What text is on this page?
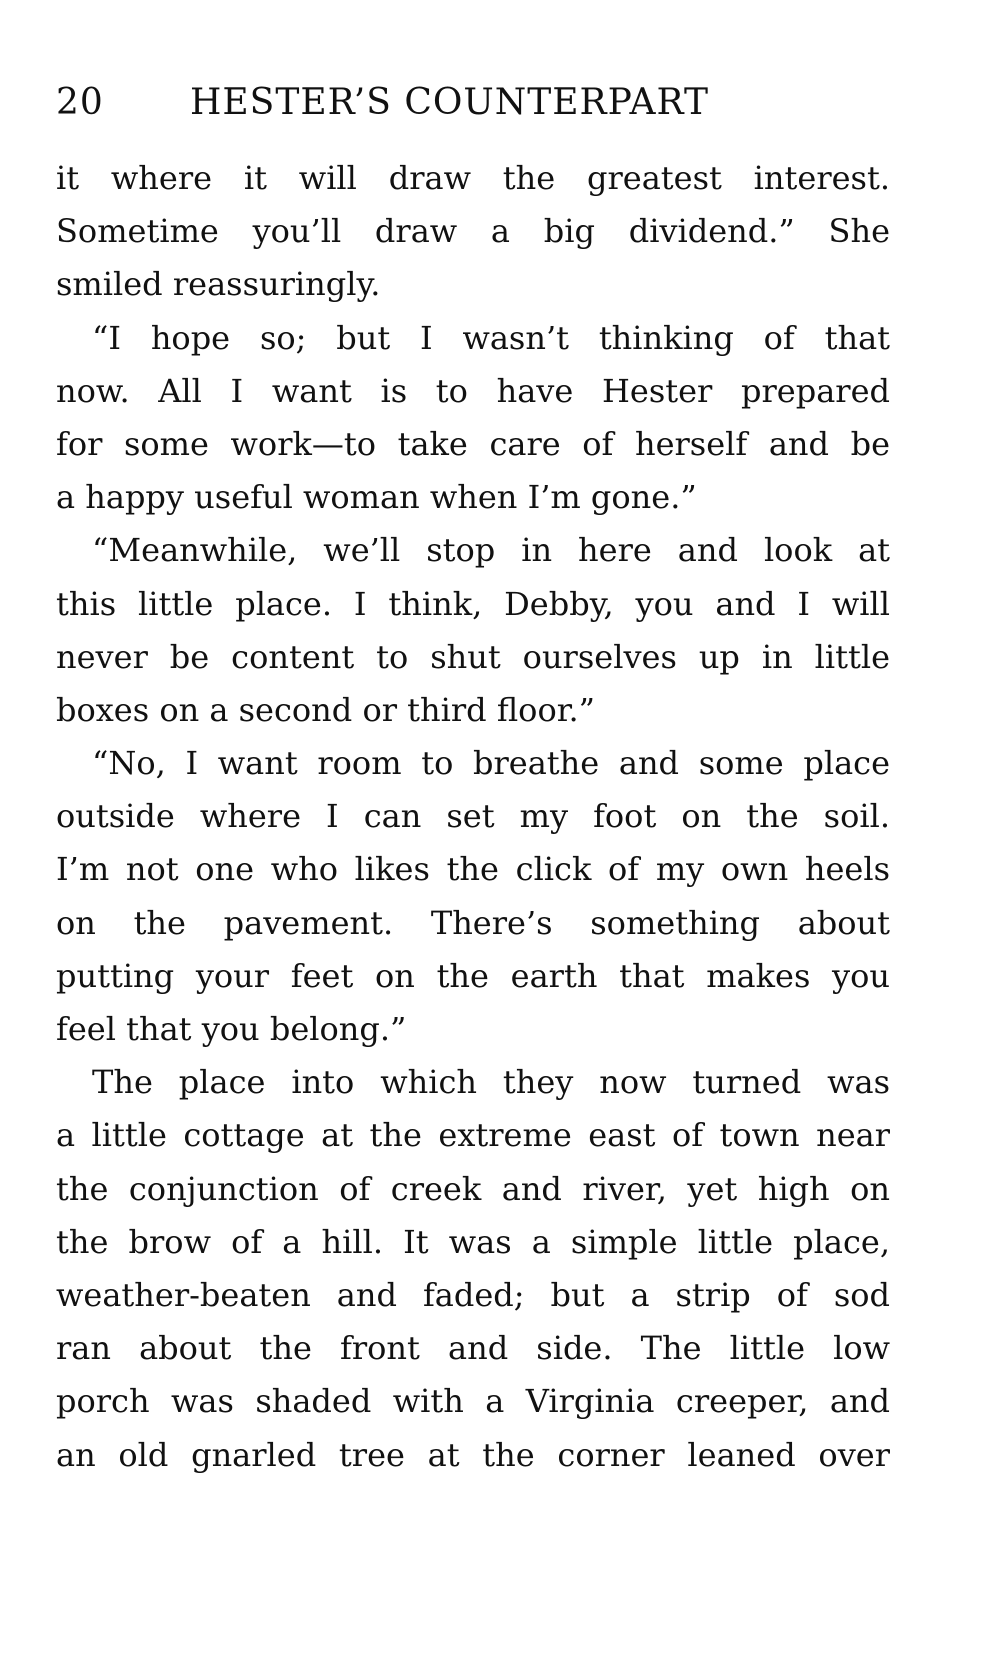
20 HESTER’S COUNTERPART
it where it will draw the greatest interest.
Sometime you’ll draw a big dividend.” She
smiled reassuringly.
“I hope so; but I wasn’t thinking of that
now. All I want is to have Hester prepared
for some work—to take care of herself and be
a happy useful woman when I’m gone.”
“Meanwhile, we’ll stop in here and look at
this little place. I think, Debby, you and I will
never be content to shut ourselves up in little
boxes on a second or third floor.”
“No, I want room to breathe and some place
outside where I can set my foot on the soil.
I’m not one who likes the click of my own heels
on the pavement. There’s something about
putting your feet on the earth that makes you
feel that you belong.”
The place into which they now turned was
a little cottage at the extreme east of town near
the conjunction of creek and river, yet high on
the brow of a hill. It was a simple little place,
weather-beaten and faded; but a strip of sod
ran about the front and side. The little low
porch was shaded with a Virginia creeper, and
an old gnarled tree at the corner leaned over
